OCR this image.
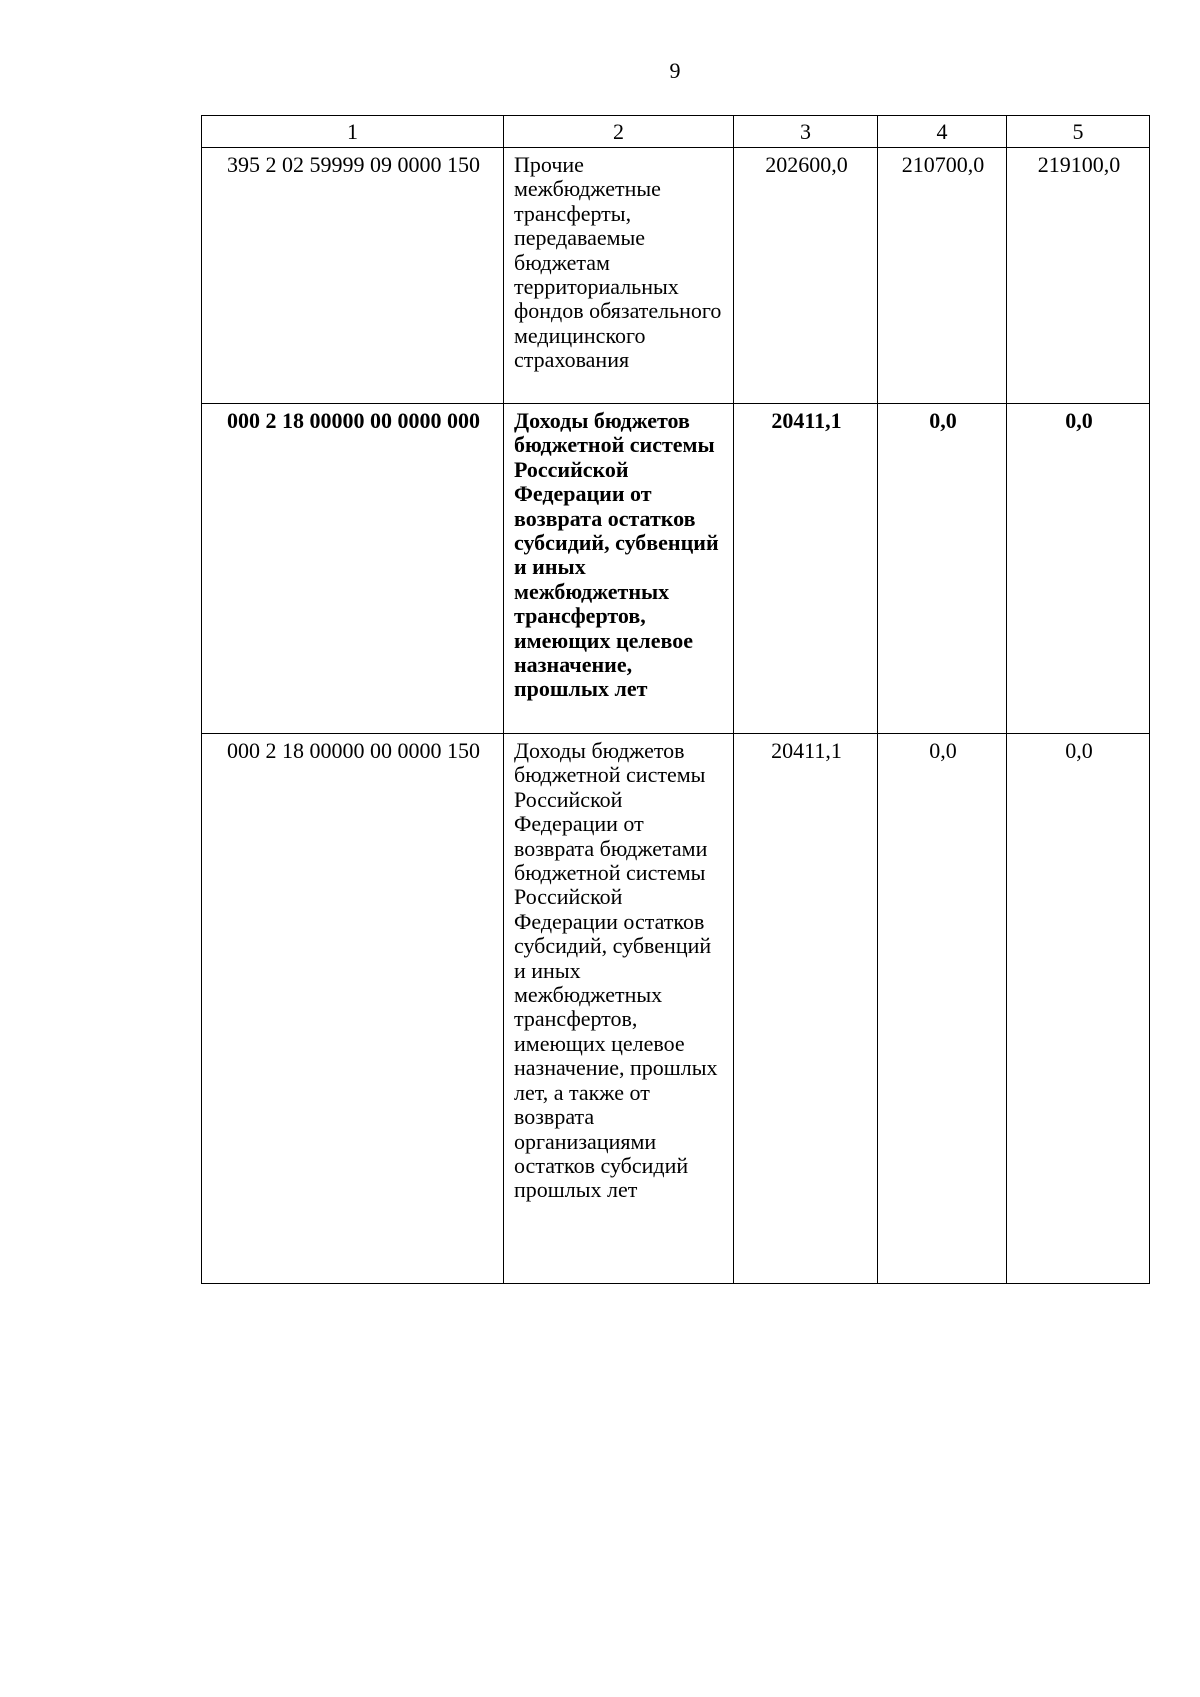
9
1	2	3	4	5
395 2 02 59999 09 0000 150	Прочие межбюджетные трансферты, передаваемые бюджетам территориальных фондов обязательного медицинского страхования	202600,0	210700,0	219100,0
000 2 18 00000 00 0000 000	Доходы бюджетов бюджетной системы Российской Федерации от возврата остатков субсидий, субвенций и иных межбюджетных трансфертов, имеющих целевое назначение, прошлых лет	20411,1	0,0	0,0
000 2 18 00000 00 0000 150	Доходы бюджетов бюджетной системы Российской Федерации от возврата бюджетами бюджетной системы Российской Федерации остатков субсидий, субвенций и иных межбюджетных трансфертов, имеющих целевое назначение, прошлых лет, а также от возврата организациями остатков субсидий прошлых лет	20411,1	0,0	0,0
